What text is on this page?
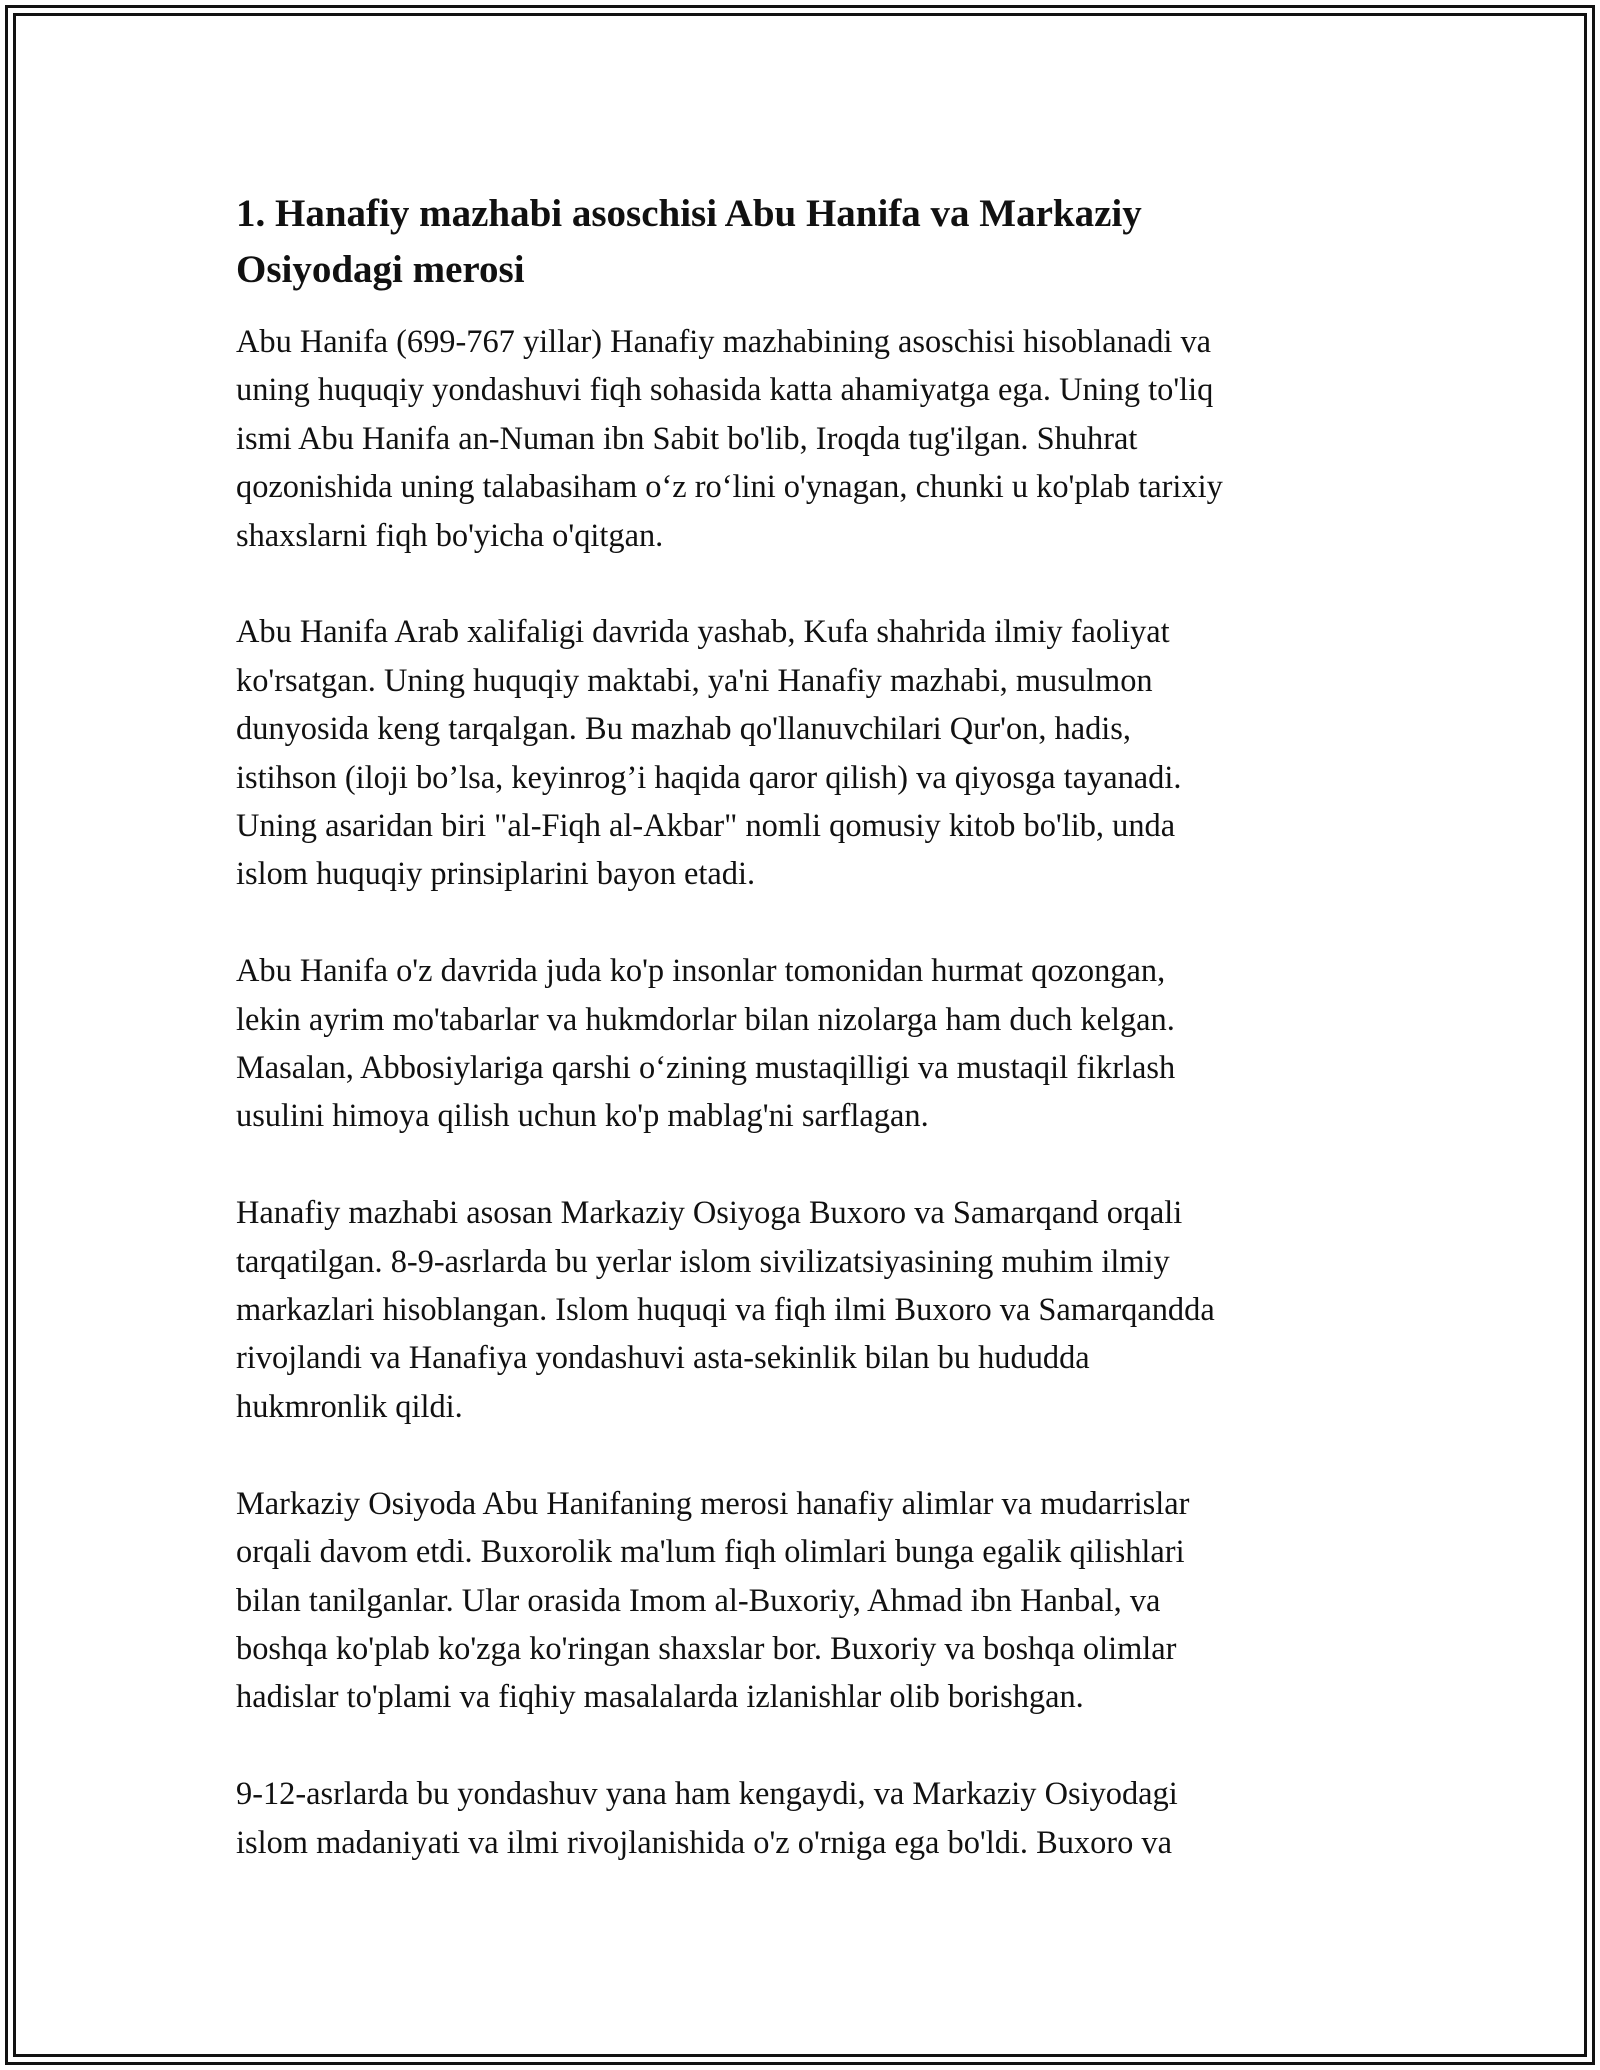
1. Hanafiy mazhabi asoschisi Abu Hanifa va Markaziy
Osiyodagi merosi

Abu Hanifa (699-767 yillar) Hanafiy mazhabining asoschisi hisoblanadi va
uning huquqiy yondashuvi fiqh sohasida katta ahamiyatga ega. Uning to'liq
ismi Abu Hanifa an-Numan ibn Sabit bo'lib, Iroqda tug'ilgan. Shuhrat
qozonishida uning talabasiham o‘z ro‘lini o'ynagan, chunki u ko'plab tarixiy
shaxslarni fiqh bo'yicha o'qitgan.

Abu Hanifa Arab xalifaligi davrida yashab, Kufa shahrida ilmiy faoliyat
ko'rsatgan. Uning huquqiy maktabi, ya'ni Hanafiy mazhabi, musulmon
dunyosida keng tarqalgan. Bu mazhab qo'llanuvchilari Qur'on, hadis,
istihson (iloji bo’lsa, keyinrog’i haqida qaror qilish) va qiyosga tayanadi.
Uning asaridan biri "al-Fiqh al-Akbar" nomli qomusiy kitob bo'lib, unda
islom huquqiy prinsiplarini bayon etadi.

Abu Hanifa o'z davrida juda ko'p insonlar tomonidan hurmat qozongan,
lekin ayrim mo'tabarlar va hukmdorlar bilan nizolarga ham duch kelgan.
Masalan, Abbosiylariga qarshi o‘zining mustaqilligi va mustaqil fikrlash
usulini himoya qilish uchun ko'p mablag'ni sarflagan.

Hanafiy mazhabi asosan Markaziy Osiyoga Buxoro va Samarqand orqali
tarqatilgan. 8-9-asrlarda bu yerlar islom sivilizatsiyasining muhim ilmiy
markazlari hisoblangan. Islom huquqi va fiqh ilmi Buxoro va Samarqandda
rivojlandi va Hanafiya yondashuvi asta-sekinlik bilan bu hududda
hukmronlik qildi.

Markaziy Osiyoda Abu Hanifaning merosi hanafiy alimlar va mudarrislar
orqali davom etdi. Buxorolik ma'lum fiqh olimlari bunga egalik qilishlari
bilan tanilganlar. Ular orasida Imom al-Buxoriy, Ahmad ibn Hanbal, va
boshqa ko'plab ko'zga ko'ringan shaxslar bor. Buxoriy va boshqa olimlar
hadislar to'plami va fiqhiy masalalarda izlanishlar olib borishgan.

9-12-asrlarda bu yondashuv yana ham kengaydi, va Markaziy Osiyodagi
islom madaniyati va ilmi rivojlanishida o'z o'rniga ega bo'ldi. Buxoro va
